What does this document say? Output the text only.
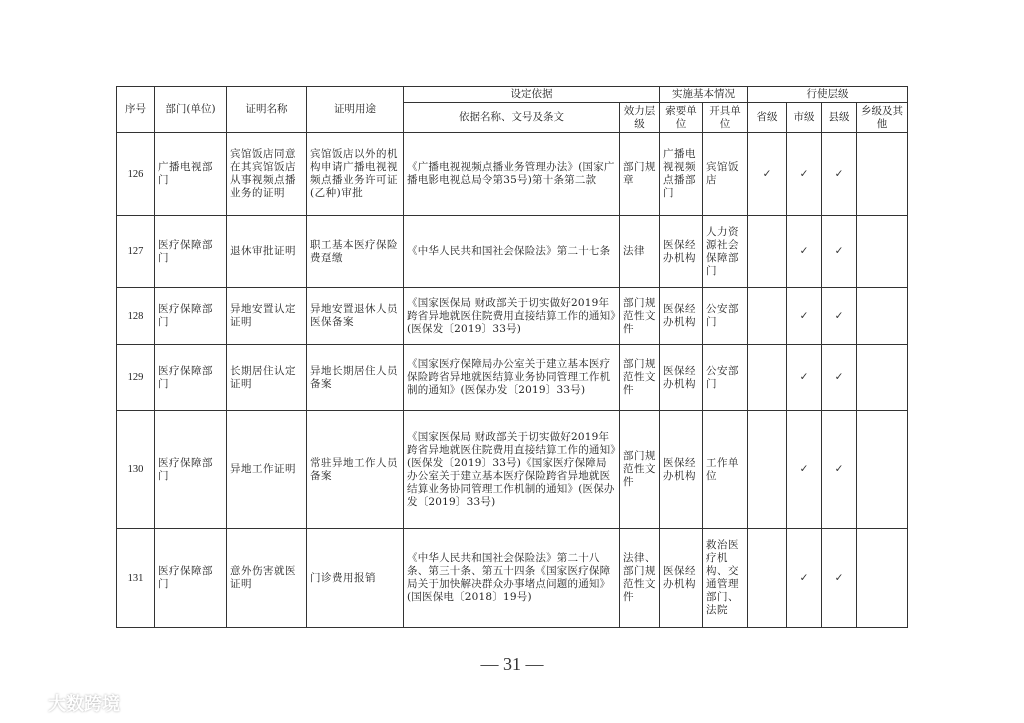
序号	部门(单位)	证明名称	证明用途	设定依据		实施基本情况		行使层级			
				依据名称、文号及条文	效力层级	索要单位	开具单位	省级	市级	县级	乡级及其他
126	广播电视部门	宾馆饭店同意在其宾馆饭店从事视频点播业务的证明	宾馆饭店以外的机构申请广播电视视频点播业务许可证(乙种)审批	《广播电视视频点播业务管理办法》(国家广播电影电视总局令第35号)第十条第二款	部门规章	广播电视视频点播部门	宾馆饭店	✓	✓	✓	
127	医疗保障部门	退休审批证明	职工基本医疗保险费趸缴	《中华人民共和国社会保险法》第二十七条	法律	医保经办机构	人力资源社会保障部门		✓	✓	
128	医疗保障部门	异地安置认定证明	异地安置退休人员医保备案	《国家医保局 财政部关于切实做好2019年跨省异地就医住院费用直接结算工作的通知》(医保发〔2019〕33号)	部门规范性文件	医保经办机构	公安部门		✓	✓	
129	医疗保障部门	长期居住认定证明	异地长期居住人员备案	《国家医疗保障局办公室关于建立基本医疗保险跨省异地就医结算业务协同管理工作机制的通知》(医保办发〔2019〕33号)	部门规范性文件	医保经办机构	公安部门		✓	✓	
130	医疗保障部门	异地工作证明	常驻异地工作人员备案	《国家医保局 财政部关于切实做好2019年跨省异地就医住院费用直接结算工作的通知》(医保发〔2019〕33号)《国家医疗保障局办公室关于建立基本医疗保险跨省异地就医结算业务协同管理工作机制的通知》(医保办发〔2019〕33号)	部门规范性文件	医保经办机构	工作单位		✓	✓	
131	医疗保障部门	意外伤害就医证明	门诊费用报销	《中华人民共和国社会保险法》第二十八条、第三十条、第五十四条《国家医疗保障局关于加快解决群众办事堵点问题的通知》(国医保电〔2018〕19号)	法律、部门规范性文件	医保经办机构	救治医疗机构、交通管理部门、法院		✓	✓	
— 31 —
大数跨境
